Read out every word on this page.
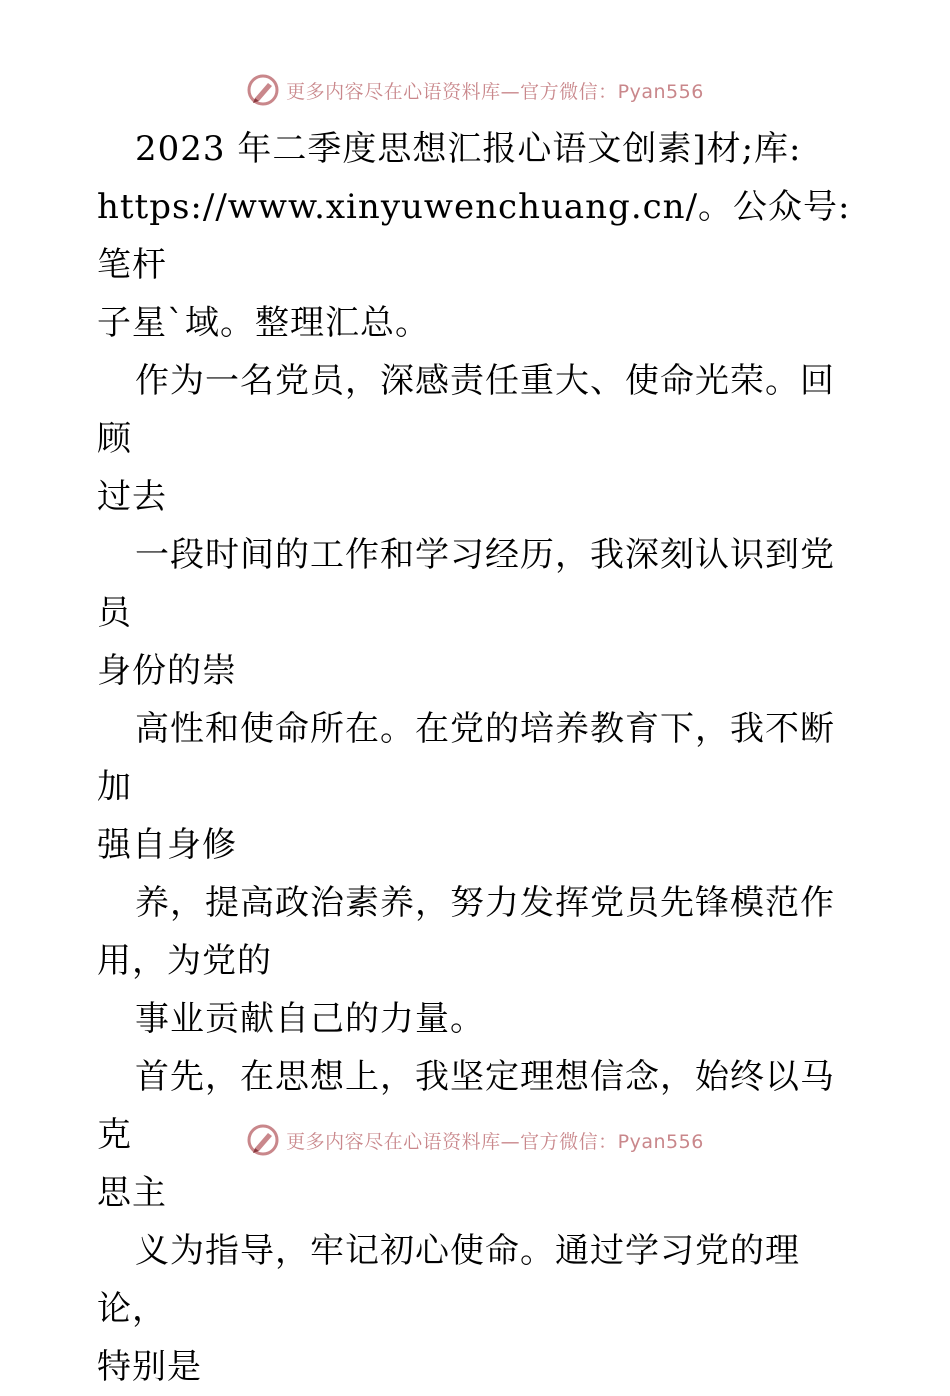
更多内容尽在心语资料库—官方微信：Pyan556

2023 年二季度思想汇报心语文创素]材;库:
https://www.xinyuwenchuang.cn/。公众号: 笔杆
子星`域。整理汇总。

作为一名党员，深感责任重大、使命光荣。回顾
过去

一段时间的工作和学习经历，我深刻认识到党员
身份的崇

高性和使命所在。在党的培养教育下，我不断加
强自身修

养，提高政治素养，努力发挥党员先锋模范作
用，为党的

事业贡献自己的力量。

首先，在思想上，我坚定理想信念，始终以马克
思主

义为指导，牢记初心使命。通过学习党的理论，
特别是

更多内容尽在心语资料库—官方微信：Pyan556
